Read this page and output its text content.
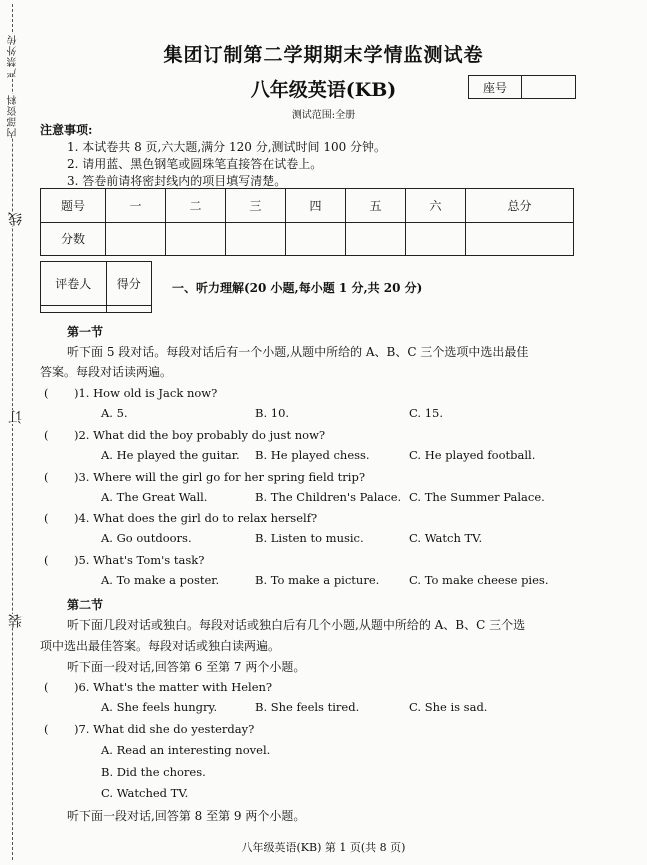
严禁外传
内部资料
线
订
装
集团订制第二学期期末学情监测试卷
八年级英语(KB)
测试范围:全册
座号
注意事项:
1. 本试卷共 8 页,六大题,满分 120 分,测试时间 100 分钟。
2. 请用蓝、黑色钢笔或圆珠笔直接答在试卷上。
3. 答卷前请将密封线内的项目填写清楚。
题号	一	二	三	四	五	六	总分
分数							
评卷人	得分
		一、听力理解(20 小题,每小题 1 分,共 20 分)
第一节
听下面 5 段对话。每段对话后有一个小题,从题中所给的 A、B、C 三个选项中选出最佳
答案。每段对话读两遍。
( )1. How old is Jack now?
A. 5.	B. 10.	C. 15.
( )2. What did the boy probably do just now?
A. He played the guitar. B. He played chess.	C. He played football.
( )3. Where will the girl go for her spring field trip?
A. The Great Wall.	B. The Children's Palace. C. The Summer Palace.
( )4. What does the girl do to relax herself?
A. Go outdoors.	B. Listen to music.	C. Watch TV.
( )5. What's Tom's task?
A. To make a poster.	B. To make a picture.	C. To make cheese pies.
第二节
听下面几段对话或独白。每段对话或独白后有几个小题,从题中所给的 A、B、C 三个选
项中选出最佳答案。每段对话或独白读两遍。
听下面一段对话,回答第 6 至第 7 两个小题。
( )6. What's the matter with Helen?
A. She feels hungry.	B. She feels tired.	C. She is sad.
( )7. What did she do yesterday?
A. Read an interesting novel.
B. Did the chores.
C. Watched TV.
听下面一段对话,回答第 8 至第 9 两个小题。
八年级英语(KB) 第 1 页(共 8 页)
